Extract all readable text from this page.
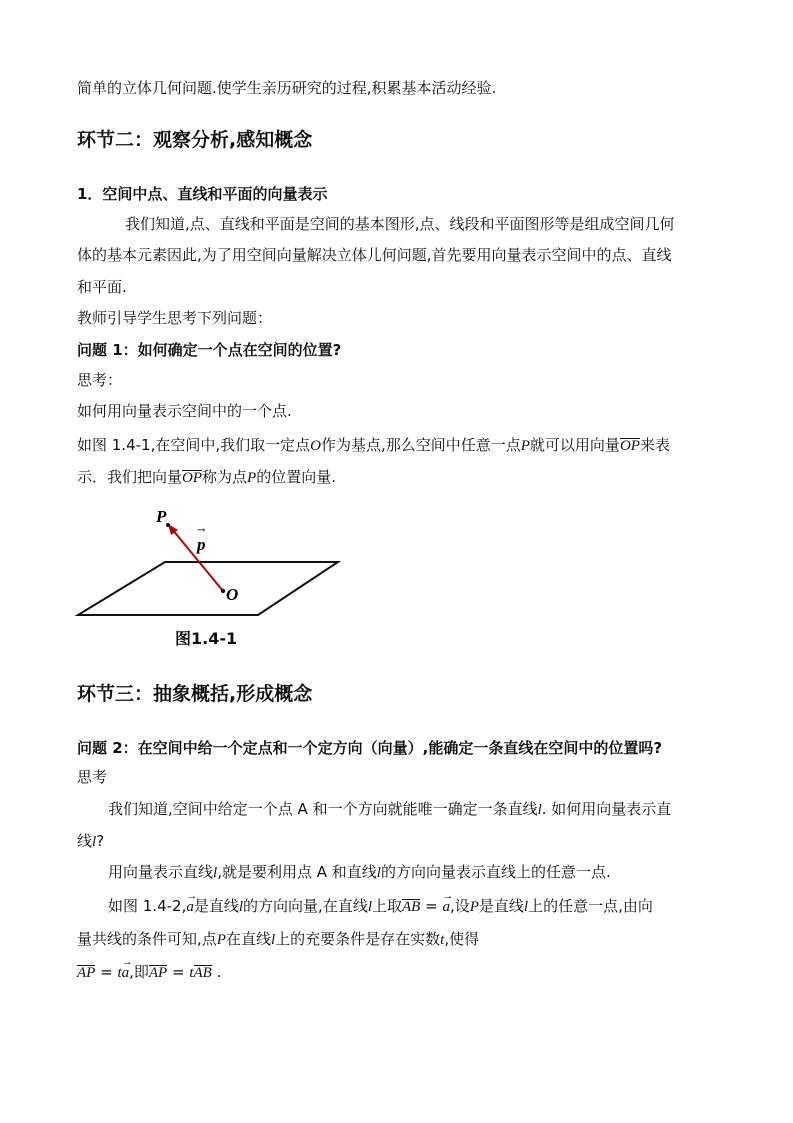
简单的立体几何问题.使学生亲历研究的过程,积累基本活动经验.
环节二：观察分析,感知概念
1．空间中点、直线和平面的向量表示
我们知道,点、直线和平面是空间的基本图形,点、线段和平面图形等是组成空间几何
体的基本元素因此,为了用空间向量解决立体儿何问题,首先要用向量表示空间中的点、直线
和平面.
教师引导学生思考下列问题：
问题 1：如何确定一个点在空间的位置?
思考：
如何用向量表示空间中的一个点.
如图 1.4-1,在空间中,我们取一定点O作为基点,那么空间中任意一点P就可以用向量OP来表
示．我们把向量OP称为点P的位置向量.
P
p
→
O
图1.4-1
环节三：抽象概括,形成概念
问题 2：在空间中给一个定点和一个定方向（向量）,能确定一条直线在空间中的位置吗?
思考
我们知道,空间中给定一个点 A 和一个方向就能唯一确定一条直线l. 如何用向量表示直
线l?
用向量表示直线l,就是要利用点 A 和直线l的方向向量表示直线上的任意一点.
如图 1.4-2,→ a是直线l的方向向量,在直线l上取AB = → a,设P是直线l上的任意一点,由向
量共线的条件可知,点P在直线l上的充要条件是存在实数t,使得
AP = t→ a,即AP = tAB .
